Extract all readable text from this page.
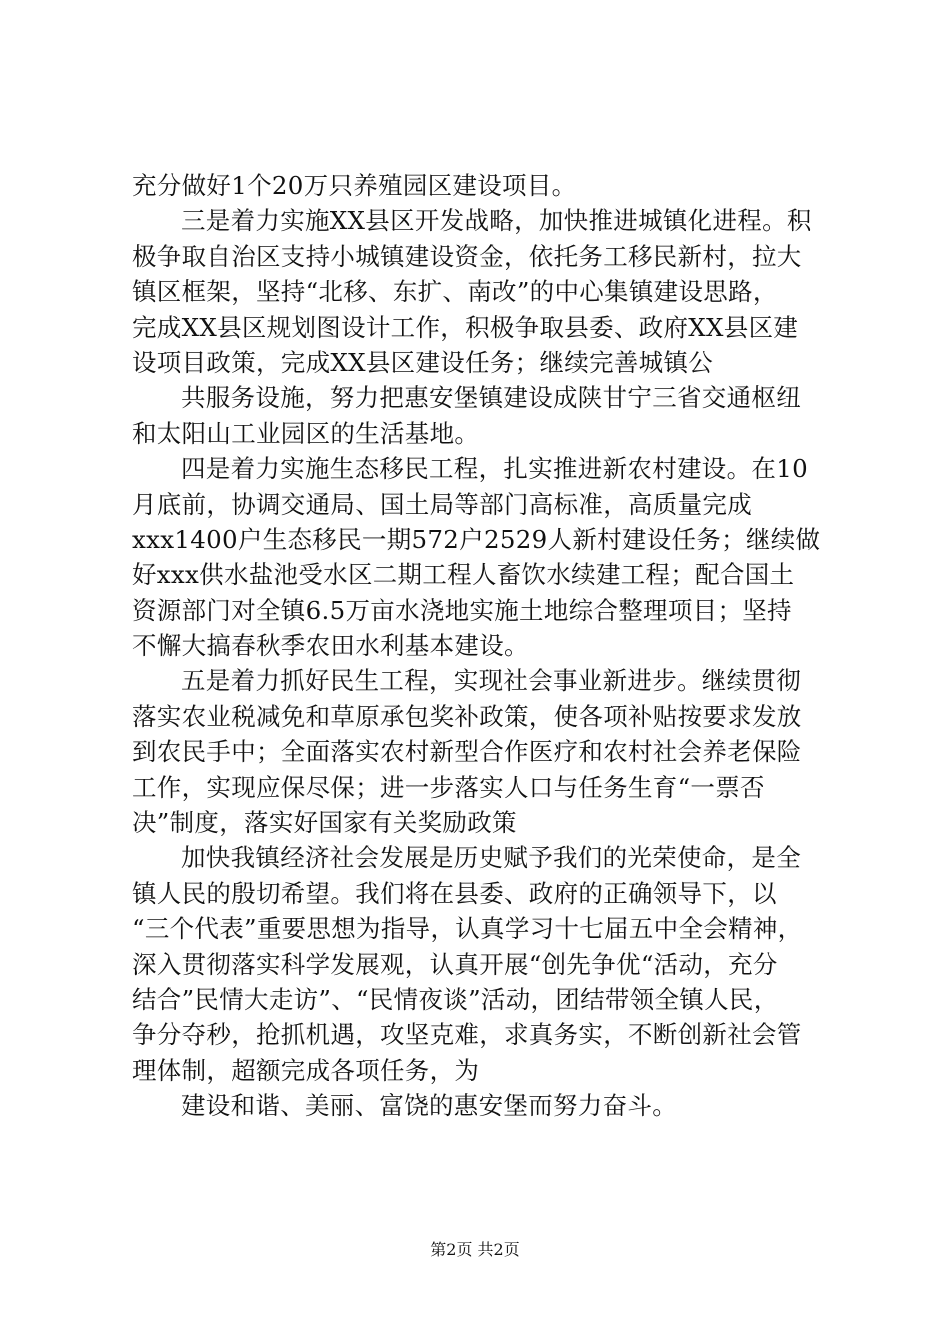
充分做好1个20万只养殖园区建设项目。
三是着力实施XX县区开发战略，加快推进城镇化进程。积
极争取自治区支持小城镇建设资金，依托务工移民新村，拉大
镇区框架，坚持“北移、东扩、南改”的中心集镇建设思路，
完成XX县区规划图设计工作，积极争取县委、政府XX县区建
设项目政策，完成XX县区建设任务；继续完善城镇公
共服务设施，努力把惠安堡镇建设成陕甘宁三省交通枢纽
和太阳山工业园区的生活基地。
四是着力实施生态移民工程，扎实推进新农村建设。在10
月底前，协调交通局、国土局等部门高标准，高质量完成
xxx1400户生态移民一期572户2529人新村建设任务；继续做
好xxx供水盐池受水区二期工程人畜饮水续建工程；配合国土
资源部门对全镇6.5万亩水浇地实施土地综合整理项目；坚持
不懈大搞春秋季农田水利基本建设。
五是着力抓好民生工程，实现社会事业新进步。继续贯彻
落实农业税减免和草原承包奖补政策，使各项补贴按要求发放
到农民手中；全面落实农村新型合作医疗和农村社会养老保险
工作，实现应保尽保；进一步落实人口与任务生育“一票否
决”制度，落实好国家有关奖励政策
加快我镇经济社会发展是历史赋予我们的光荣使命，是全
镇人民的殷切希望。我们将在县委、政府的正确领导下，以
“三个代表”重要思想为指导，认真学习十七届五中全会精神，
深入贯彻落实科学发展观，认真开展“创先争优“活动，充分
结合”民情大走访”、“民情夜谈”活动，团结带领全镇人民，
争分夺秒，抢抓机遇，攻坚克难，求真务实，不断创新社会管
理体制，超额完成各项任务，为
建设和谐、美丽、富饶的惠安堡而努力奋斗。
第2页 共2页
